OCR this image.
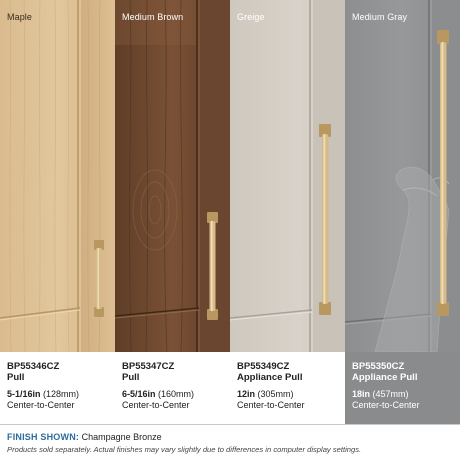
Maple	Medium Brown	Greige	Medium Gray
BP55346CZ
Pull
5-1/16in (128mm)
Center-to-Center
BP55347CZ
Pull
6-5/16in (160mm)
Center-to-Center
BP55349CZ
Appliance Pull
12in (305mm)
Center-to-Center
BP55350CZ
Appliance Pull
18in (457mm)
Center-to-Center
FINISH SHOWN: Champagne Bronze
Products sold separately. Actual finishes may vary slightly due to differences in computer display settings.
